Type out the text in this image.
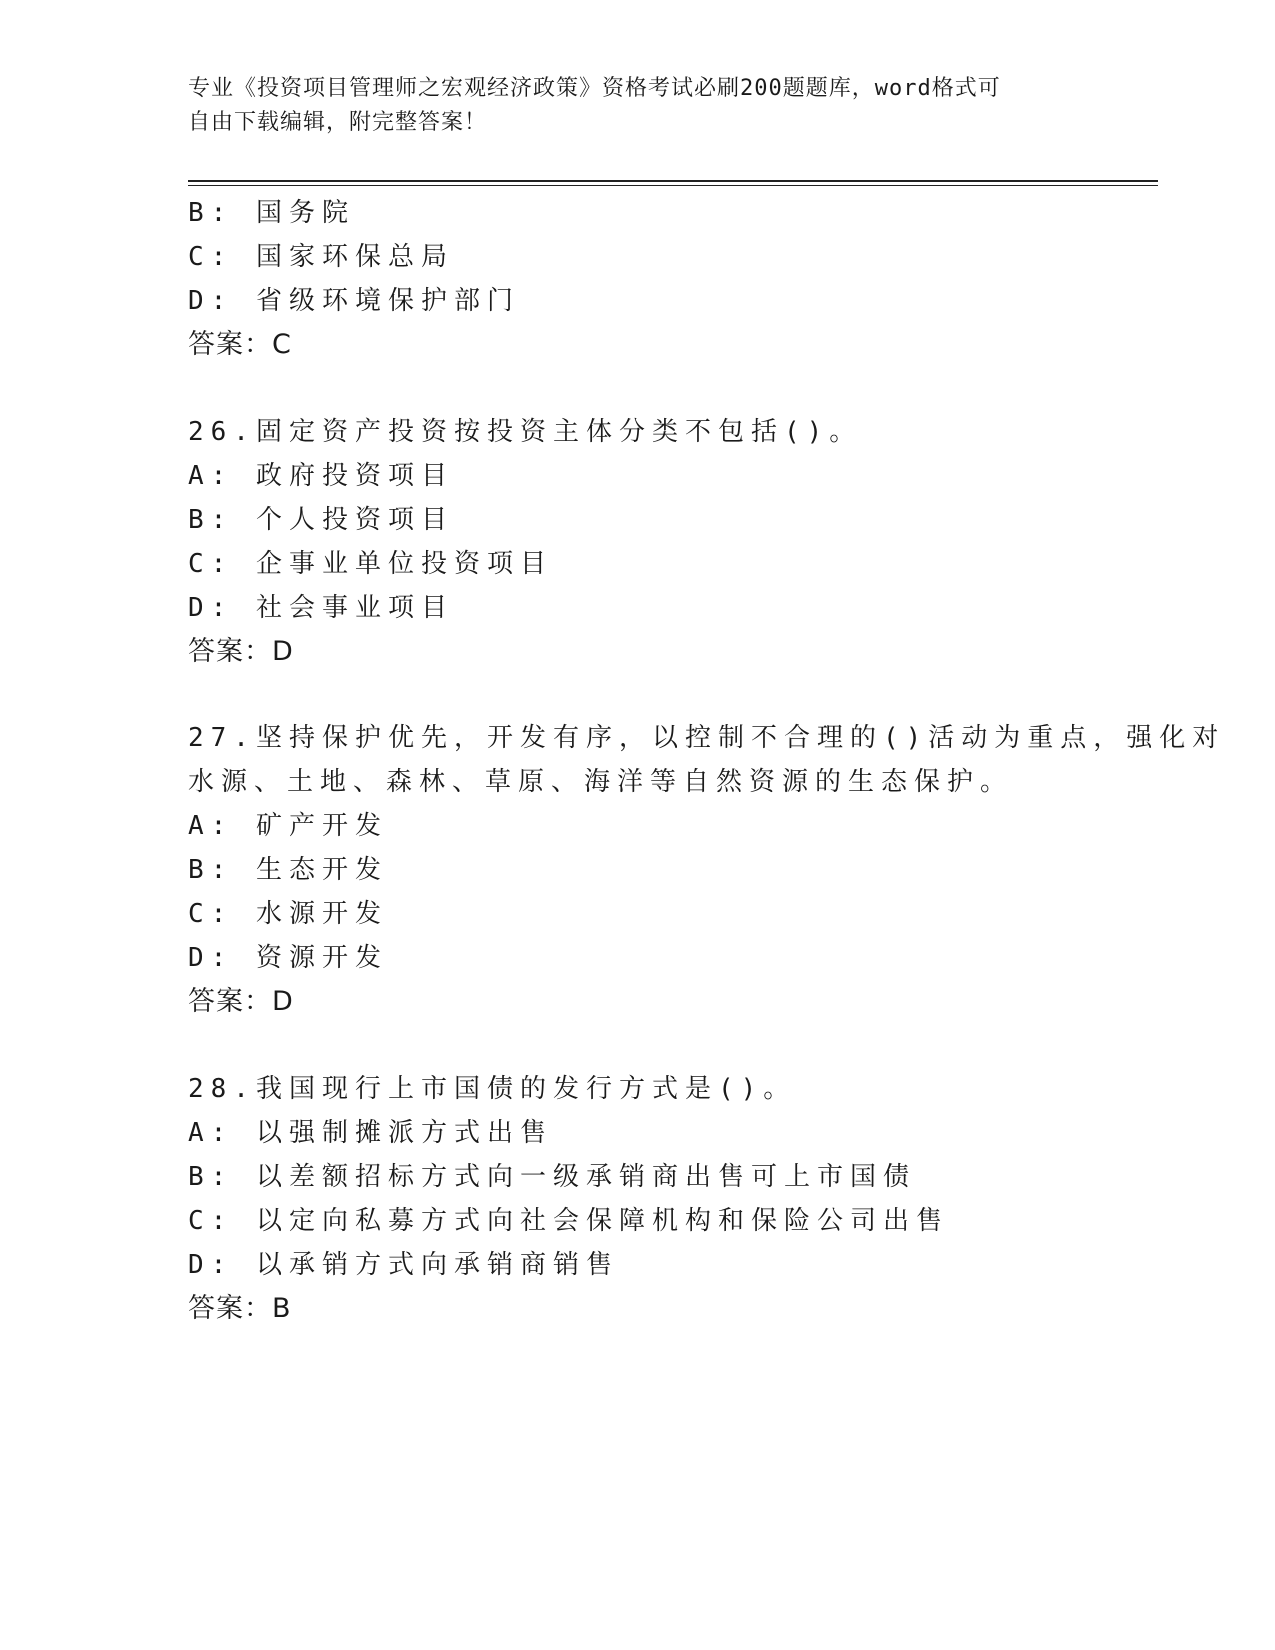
专业《投资项目管理师之宏观经济政策》资格考试必刷200题题库，word格式可
自由下载编辑，附完整答案！
B: 国务院
C: 国家环保总局
D: 省级环境保护部门
答案：C
26.固定资产投资按投资主体分类不包括()。
A: 政府投资项目
B: 个人投资项目
C: 企事业单位投资项目
D: 社会事业项目
答案：D
27.坚持保护优先，开发有序，以控制不合理的()活动为重点，强化对
水源、土地、森林、草原、海洋等自然资源的生态保护。
A: 矿产开发
B: 生态开发
C: 水源开发
D: 资源开发
答案：D
28.我国现行上市国债的发行方式是()。
A: 以强制摊派方式出售
B: 以差额招标方式向一级承销商出售可上市国债
C: 以定向私募方式向社会保障机构和保险公司出售
D: 以承销方式向承销商销售
答案：B
